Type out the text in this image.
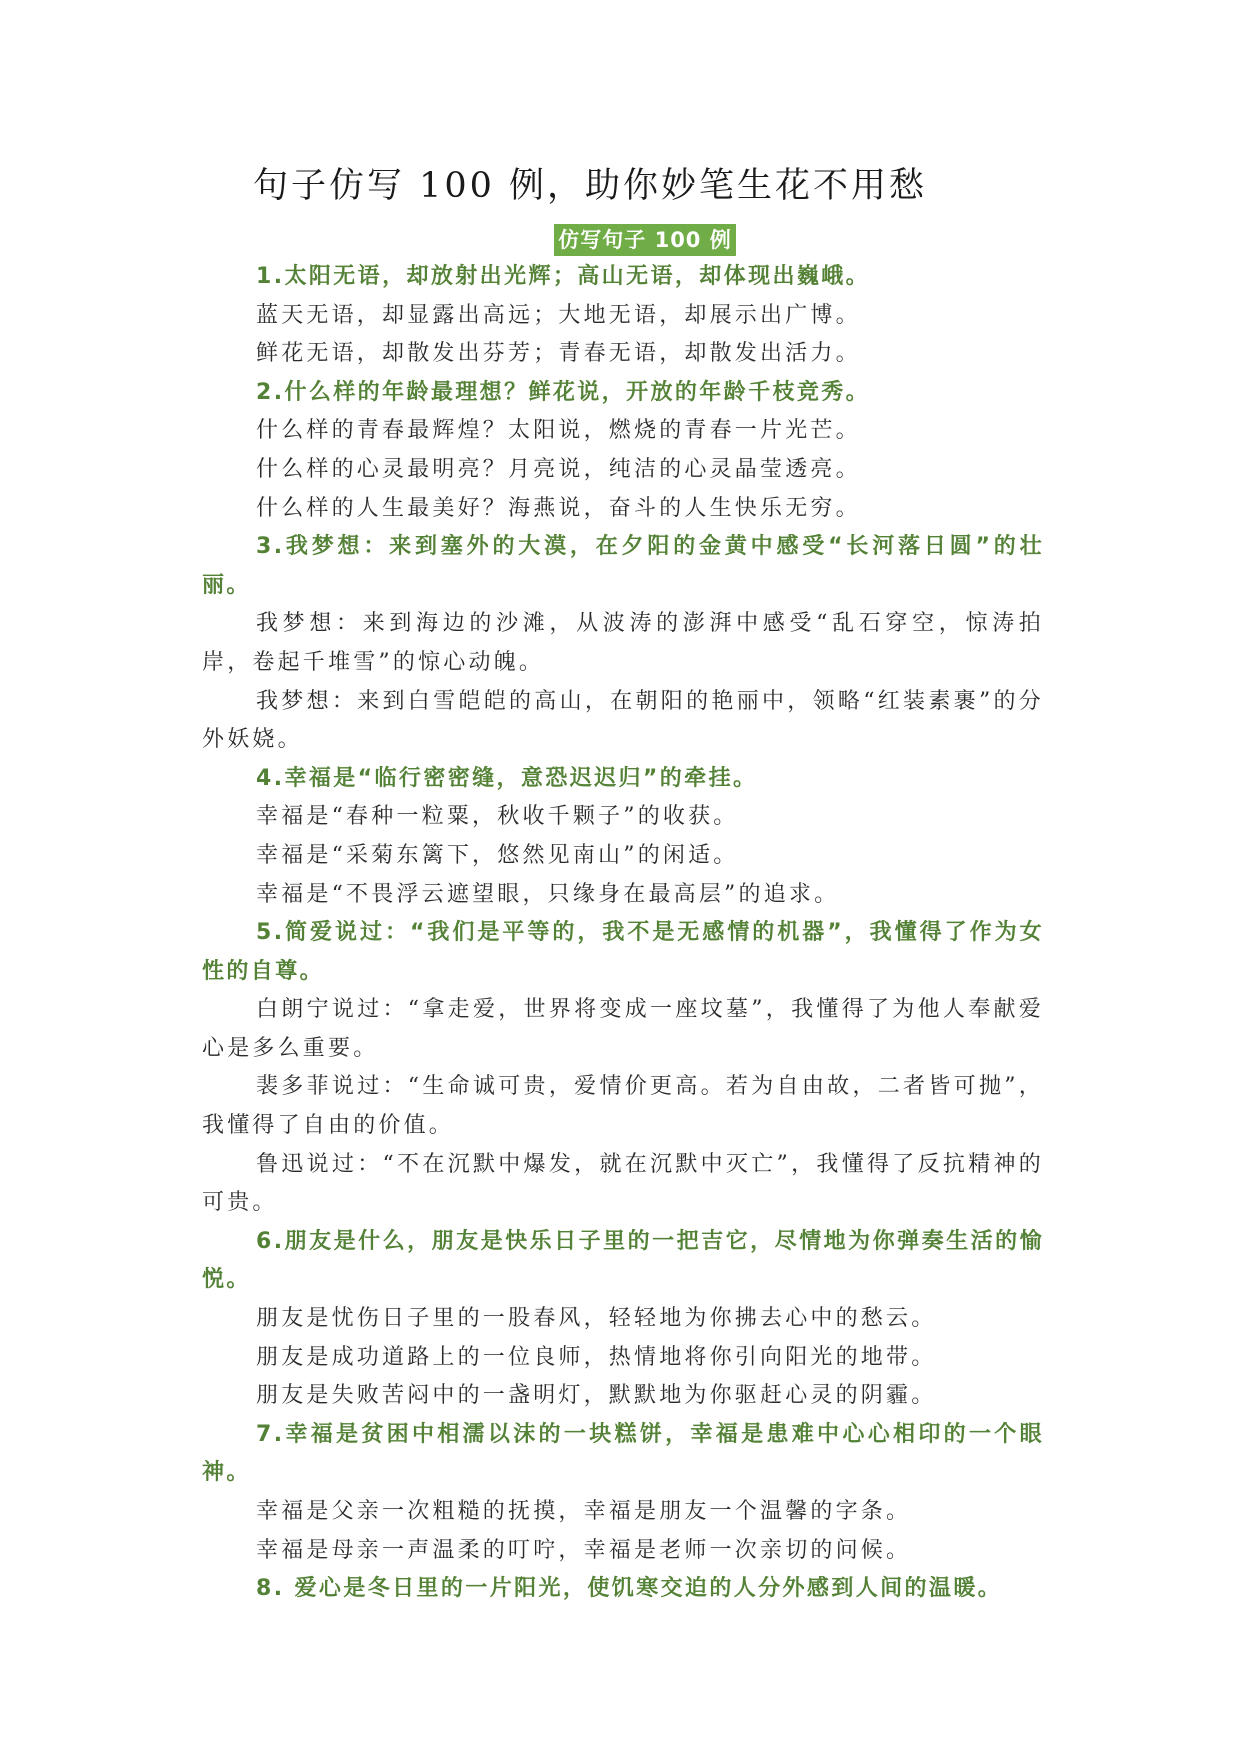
句子仿写 100 例，助你妙笔生花不用愁
仿写句子 100 例

1.太阳无语，却放射出光辉；高山无语，却体现出巍峨。

蓝天无语，却显露出高远；大地无语，却展示出广博。

鲜花无语，却散发出芬芳；青春无语，却散发出活力。

2.什么样的年龄最理想？鲜花说，开放的年龄千枝竞秀。

什么样的青春最辉煌？太阳说，燃烧的青春一片光芒。

什么样的心灵最明亮？月亮说，纯洁的心灵晶莹透亮。

什么样的人生最美好？海燕说，奋斗的人生快乐无穷。

3.我梦想：来到塞外的大漠，在夕阳的金黄中感受“长河落日圆”的壮丽。

我梦想：来到海边的沙滩，从波涛的澎湃中感受“乱石穿空，惊涛拍岸，卷起千堆雪”的惊心动魄。

我梦想：来到白雪皑皑的高山，在朝阳的艳丽中，领略“红装素裹”的分外妖娆。

4.幸福是“临行密密缝，意恐迟迟归”的牵挂。

幸福是“春种一粒粟，秋收千颗子”的收获。

幸福是“采菊东篱下，悠然见南山”的闲适。

幸福是“不畏浮云遮望眼，只缘身在最高层”的追求。

5.简爱说过：“我们是平等的，我不是无感情的机器”，我懂得了作为女性的自尊。

白朗宁说过：“拿走爱，世界将变成一座坟墓”，我懂得了为他人奉献爱心是多么重要。

裴多菲说过：“生命诚可贵，爱情价更高。若为自由故，二者皆可抛”，我懂得了自由的价值。

鲁迅说过：“不在沉默中爆发，就在沉默中灭亡”，我懂得了反抗精神的可贵。

6.朋友是什么，朋友是快乐日子里的一把吉它，尽情地为你弹奏生活的愉悦。

朋友是忧伤日子里的一股春风，轻轻地为你拂去心中的愁云。

朋友是成功道路上的一位良师，热情地将你引向阳光的地带。

朋友是失败苦闷中的一盏明灯，默默地为你驱赶心灵的阴霾。

7.幸福是贫困中相濡以沫的一块糕饼，幸福是患难中心心相印的一个眼神。

幸福是父亲一次粗糙的抚摸，幸福是朋友一个温馨的字条。

幸福是母亲一声温柔的叮咛，幸福是老师一次亲切的问候。

8. 爱心是冬日里的一片阳光，使饥寒交迫的人分外感到人间的温暖。
